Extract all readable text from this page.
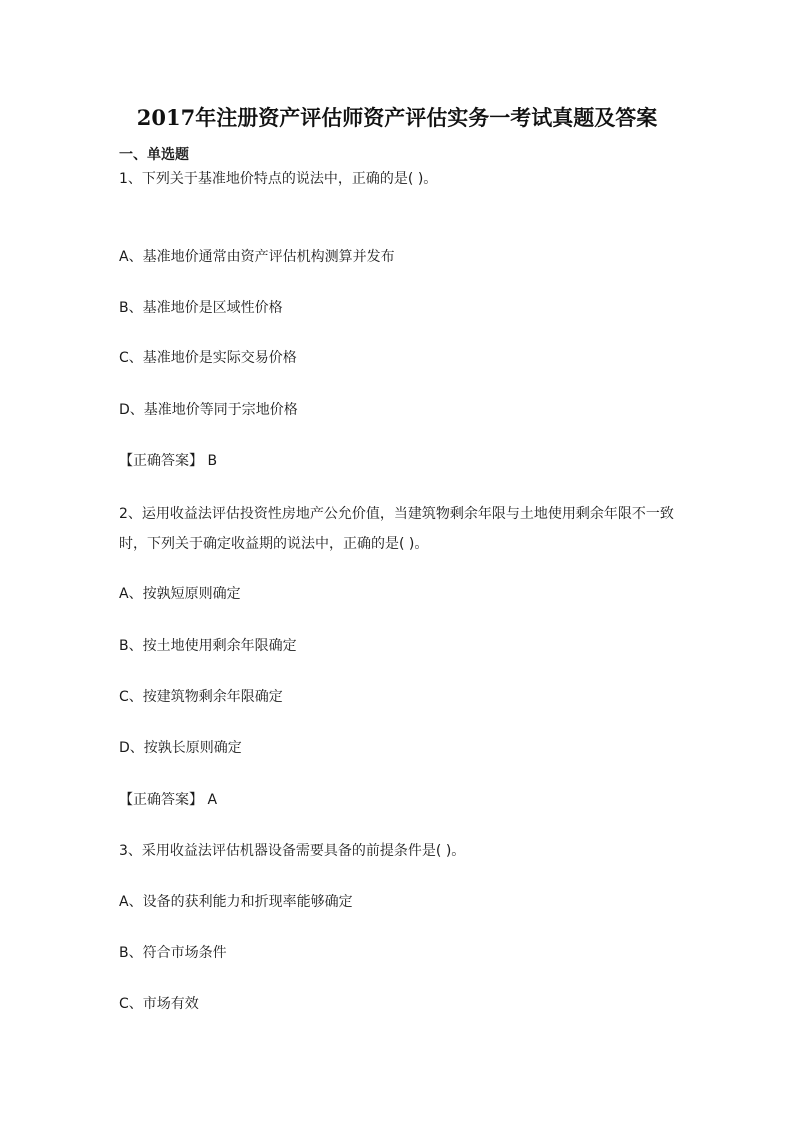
2017年注册资产评估师资产评估实务一考试真题及答案
一、单选题
1、下列关于基准地价特点的说法中，正确的是( )。
A、基准地价通常由资产评估机构测算并发布
B、基准地价是区域性价格
C、基准地价是实际交易价格
D、基准地价等同于宗地价格
【正确答案】 B
2、运用收益法评估投资性房地产公允价值，当建筑物剩余年限与土地使用剩余年限不一致
时，下列关于确定收益期的说法中，正确的是( )。
A、按孰短原则确定
B、按土地使用剩余年限确定
C、按建筑物剩余年限确定
D、按孰长原则确定
【正确答案】 A
3、采用收益法评估机器设备需要具备的前提条件是( )。
A、设备的获利能力和折现率能够确定
B、符合市场条件
C、市场有效
